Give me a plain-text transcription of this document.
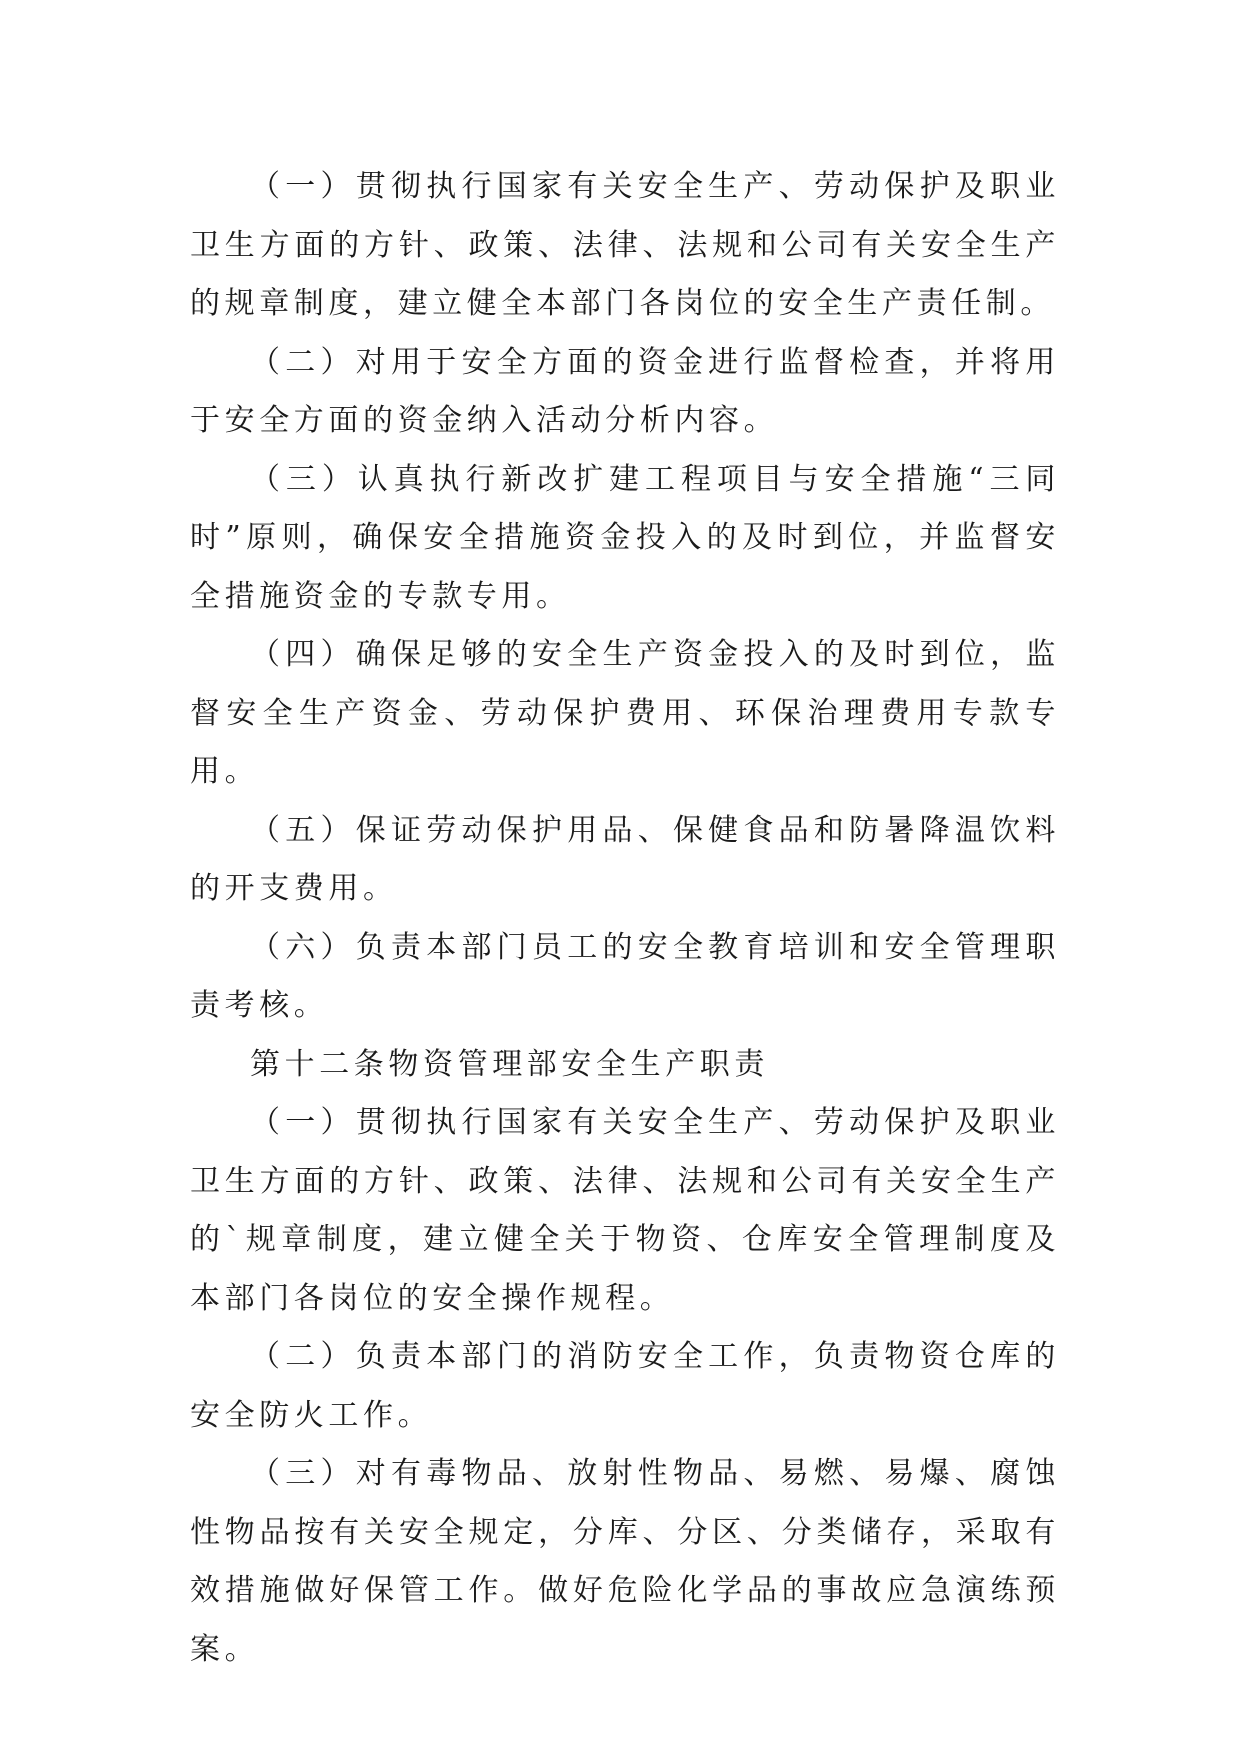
（一）贯彻执行国家有关安全生产、劳动保护及职业卫生方面的方针、政策、法律、法规和公司有关安全生产的规章制度，建立健全本部门各岗位的安全生产责任制。

（二）对用于安全方面的资金进行监督检查，并将用于安全方面的资金纳入活动分析内容。

（三）认真执行新改扩建工程项目与安全措施“三同时”原则，确保安全措施资金投入的及时到位，并监督安全措施资金的专款专用。

（四）确保足够的安全生产资金投入的及时到位，监督安全生产资金、劳动保护费用、环保治理费用专款专用。

（五）保证劳动保护用品、保健食品和防暑降温饮料的开支费用。

（六）负责本部门员工的安全教育培训和安全管理职责考核。

第十二条物资管理部安全生产职责

（一）贯彻执行国家有关安全生产、劳动保护及职业卫生方面的方针、政策、法律、法规和公司有关安全生产的`规章制度，建立健全关于物资、仓库安全管理制度及本部门各岗位的安全操作规程。

（二）负责本部门的消防安全工作，负责物资仓库的安全防火工作。

（三）对有毒物品、放射性物品、易燃、易爆、腐蚀性物品按有关安全规定，分库、分区、分类储存，采取有效措施做好保管工作。做好危险化学品的事故应急演练预案。
